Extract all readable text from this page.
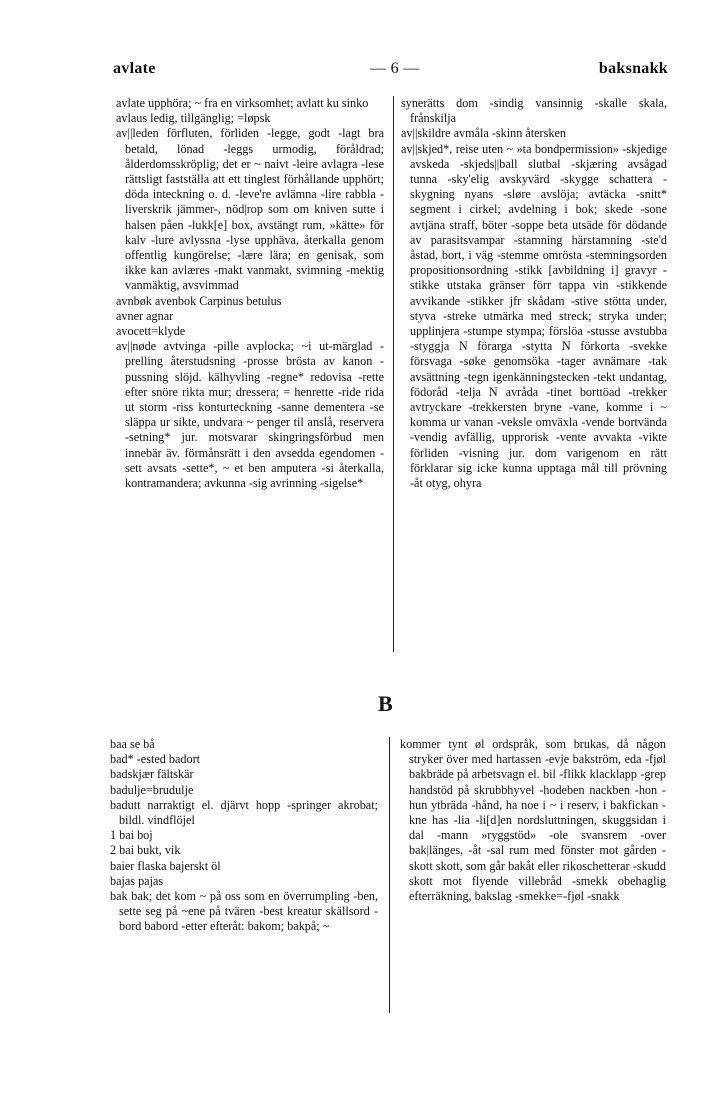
avlate	— 6 —	baksnakk

avlate upphöra; ~ fra en virksomhet; avlatt ku sinko

avlaus ledig, tillgänglig; =løpsk

av||leden förfluten, förliden -legge, godt -lagt bra betald, lönad -leggs urmodig, föråldrad; ålderdomsskröplig; det er ~ naivt -leire avlagra -lese rättsligt fastställa att ett tinglest förhållande upphört; döda inteckning o. d. -leve're avlämna -lire rabbla -liverskrik jämmer-, nöd|rop som om kniven sutte i halsen påen -lukk[e] box, avstängt rum, »kätte» för kalv -lure avlyssna -lyse upphäva, återkalla genom offentlig kungörelse; -lære lära; en genisak, som ikke kan avlæres -makt vanmakt, svimning -mektig vanmäktig, avsvimmad

avnbøk avenbok Carpinus betulus

avner agnar

avocett=klyde

av||nøde avtvinga -pille avplocka; ~i ut-märglad -prelling återstudsning -prosse brösta av kanon -pussning slöjd. kälhyvling -regne* redovisa -rette efter snöre rikta mur; dressera; = henrette -ride rida ut storm -riss konturteckning -sanne dementera -se släppa ur sikte, undvara ~ penger til anslå, reservera -setning* jur. motsvarar skingringsförbud men innebär äv. förmånsrätt i den avsedda egendomen -sett avsats -sette*, ~ et ben amputera -si återkalla, kontramandera; avkunna -sig avrinning -sigelse*

synerätts dom -sindig vansinnig -skalle skala, frånskilja

av||skildre avmåla -skinn återsken

av||skjed*, reise uten ~ »ta bondpermission» -skjedige avskeda -skjeds||ball slutbal -skjæring avsågad tunna -sky'elig avskyvärd -skygge schattera -skygning nyans -sløre avslöja; avtäcka -snitt* segment i cirkel; avdelning i bok; skede -sone avtjäna straff, böter -soppe beta utsäde för dödande av parasitsvampar -stamning härstamning -ste'd åstad, bort, i väg -stemme omrösta -stemningsorden propositionsordning -stikk [avbildning i] gravyr -stikke utstaka gränser förr tappa vin -stikkende avvikande -stikker jfr skådam -stive stötta under, styva -streke utmärka med streck; stryka under; upplinjera -stumpe stympa; förslöa -stusse avstubba -styggja N förarga -stytta N förkorta -svekke försvaga -søke genomsöka -tager avnämare -tak avsättning -tegn igenkänningstecken -tekt undantag, födoråd -telja N avråda -tinet borttöad -trekker avtryckare -trekkersten bryne -vane, komme i ~ komma ur vanan -veksle omväxla -vende bortvända -vendig avfällig, upprorisk -vente avvakta -vikte förliden -visning jur. dom varigenom en rätt förklarar sig icke kunna upptaga mål till prövning -åt otyg, ohyra

B

baa se bå

bad* -ested badort

badskjær fältskär

badulje=brudulje

badutt narraktigt el. djärvt hopp -springer akrobat; bildl. vindflöjel

1 bai boj

2 bai bukt, vik

baier flaska bajerskt öl

bajas pajas

bak bak; det kom ~ på oss som en överrumpling -ben, sette seg på ~ene på tvären -best kreatur skällsord -bord babord -etter efteråt: bakom; bakpå; ~

kommer tynt øl ordspråk, som brukas, då någon stryker över med hartassen -evje bakström, eda -fjøl bakbräde på arbetsvagn el. bil -flikk klacklapp -grep handstöd på skrubbhyvel -hodeben nackben -hon -hun ytbräda -hånd, ha noe i ~ i reserv, i bakfickan -kne has -lia -li[d]en nordsluttningen, skuggsidan i dal -mann »ryggstöd» -ole svansrem -over bak|länges, -åt -sal rum med fönster mot gården -skott skott, som går bakåt eller rikoschetterar -skudd skott mot flyende villebråd -smekk obehaglig efterräkning, bakslag -smekke=-fjøl -snakk
